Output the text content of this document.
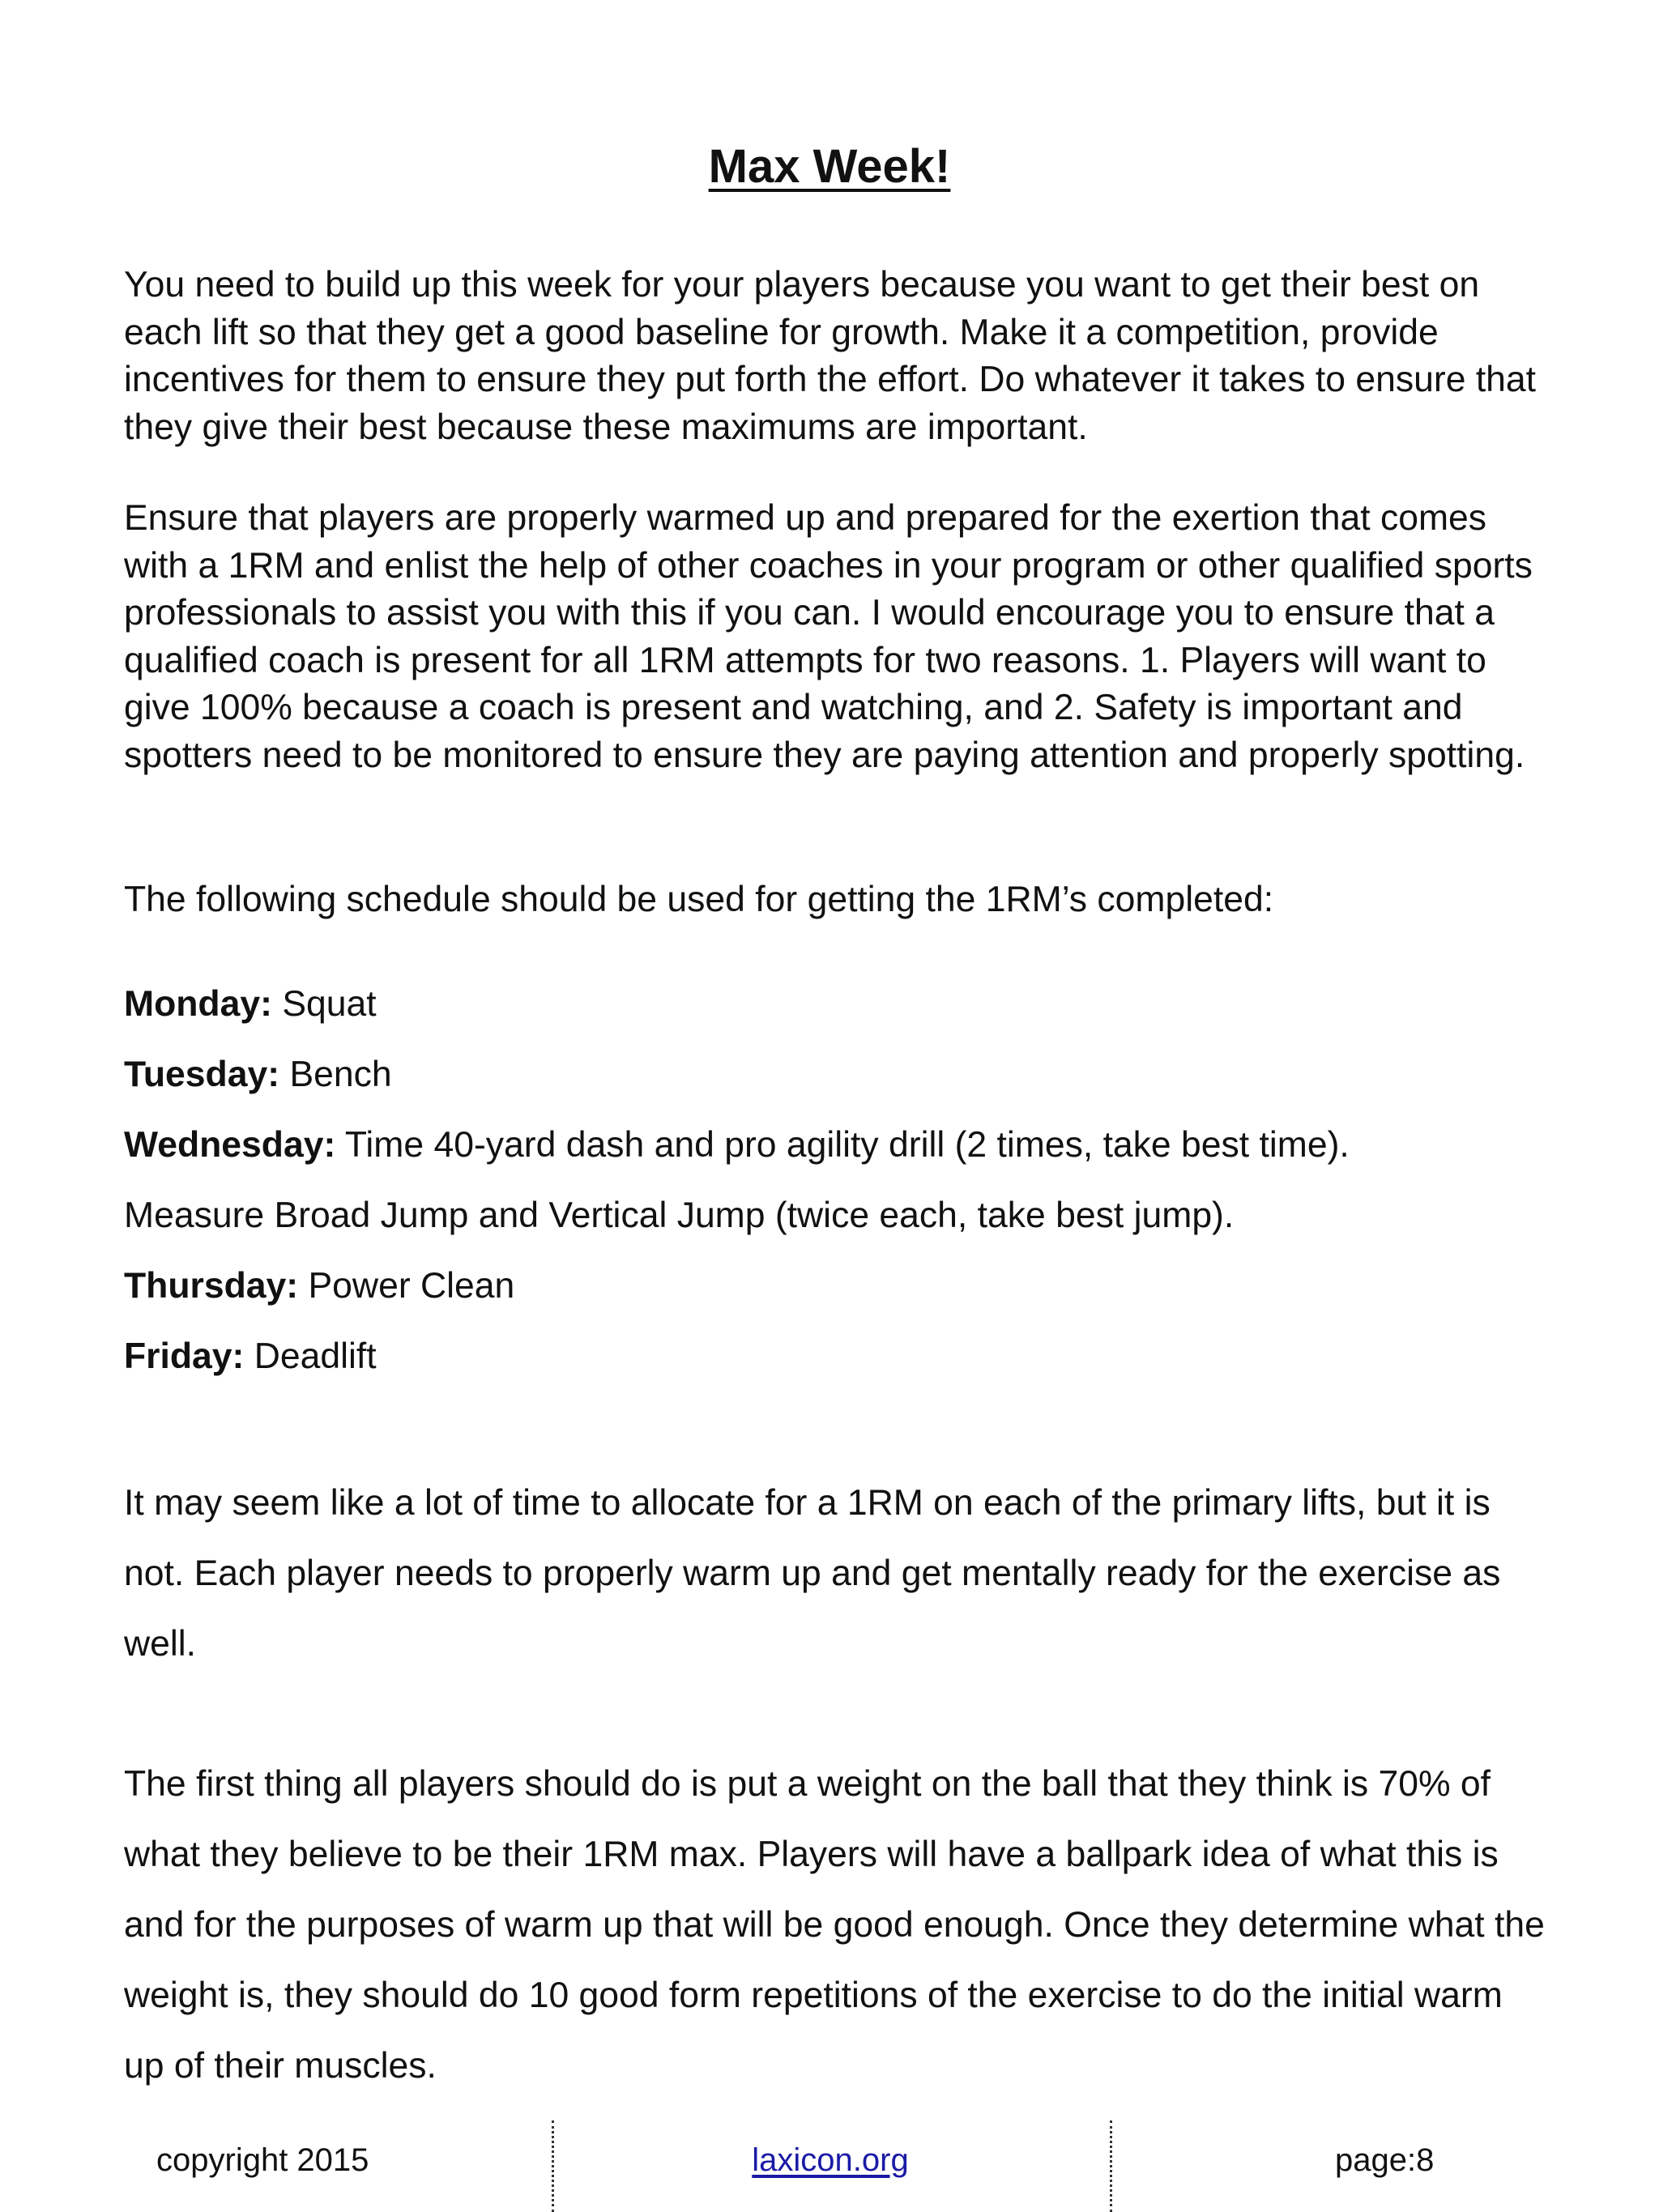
Max Week!

You need to build up this week for your players because you want to get their best on each lift so that they get a good baseline for growth. Make it a competition, provide incentives for them to ensure they put forth the effort. Do whatever it takes to ensure that they give their best because these maximums are important.

Ensure that players are properly warmed up and prepared for the exertion that comes with a 1RM and enlist the help of other coaches in your program or other qualified sports professionals to assist you with this if you can. I would encourage you to ensure that a qualified coach is present for all 1RM attempts for two reasons. 1. Players will want to give 100% because a coach is present and watching, and 2. Safety is important and spotters need to be monitored to ensure they are paying attention and properly spotting.

The following schedule should be used for getting the 1RM’s completed:

Monday: Squat
Tuesday: Bench
Wednesday: Time 40-yard dash and pro agility drill (2 times, take best time).
Measure Broad Jump and Vertical Jump (twice each, take best jump).
Thursday: Power Clean
Friday: Deadlift

It may seem like a lot of time to allocate for a 1RM on each of the primary lifts, but it is not. Each player needs to properly warm up and get mentally ready for the exercise as well.

The first thing all players should do is put a weight on the ball that they think is 70% of what they believe to be their 1RM max. Players will have a ballpark idea of what this is and for the purposes of warm up that will be good enough. Once they determine what the weight is, they should do 10 good form repetitions of the exercise to do the initial warm up of their muscles.

copyright 2015	laxicon.org	page:8
